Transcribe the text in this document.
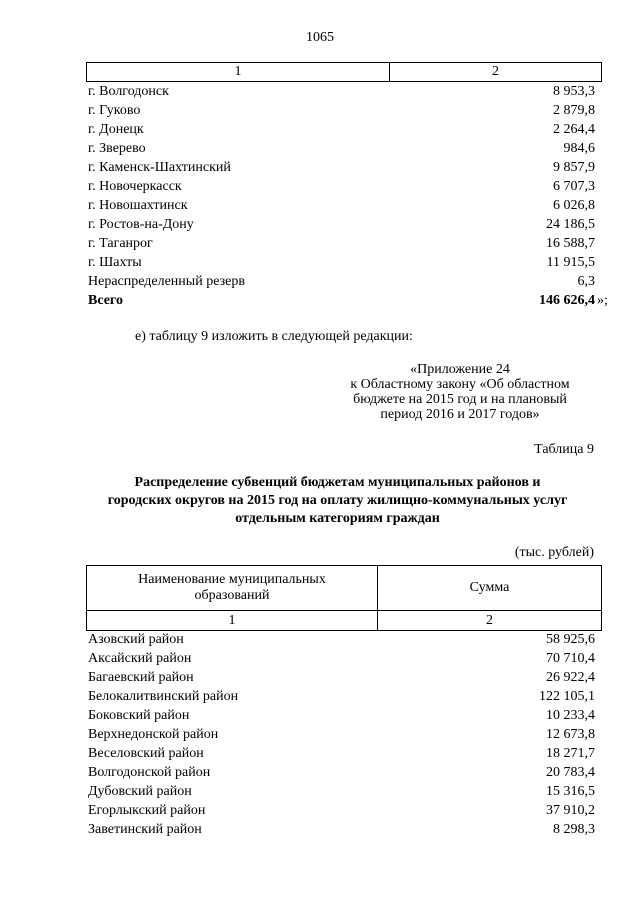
1065
1	2
г. Волгодонск	8 953,3
г. Гуково	2 879,8
г. Донецк	2 264,4
г. Зверево	984,6
г. Каменск-Шахтинский	9 857,9
г. Новочеркасск	6 707,3
г. Новошахтинск	6 026,8
г. Ростов-на-Дону	24 186,5
г. Таганрог	16 588,7
г. Шахты	11 915,5
Нераспределенный резерв	6,3
Всего	146 626,4 »;
е) таблицу 9 изложить в следующей редакции:
«Приложение 24
к Областному закону «Об областном
бюджете на 2015 год и на плановый
период 2016 и 2017 годов»
Таблица 9
Распределение субвенций бюджетам муниципальных районов и
городских округов на 2015 год на оплату жилищно-коммунальных услуг
отдельным категориям граждан
(тыс. рублей)
Наименование муниципальных
образований
Сумма
1	2
Азовский район	58 925,6
Аксайский район	70 710,4
Багаевский район	26 922,4
Белокалитвинский район	122 105,1
Боковский район	10 233,4
Верхнедонской район	12 673,8
Веселовский район	18 271,7
Волгодонской район	20 783,4
Дубовский район	15 316,5
Егорлыкский район	37 910,2
Заветинский район	8 298,3
